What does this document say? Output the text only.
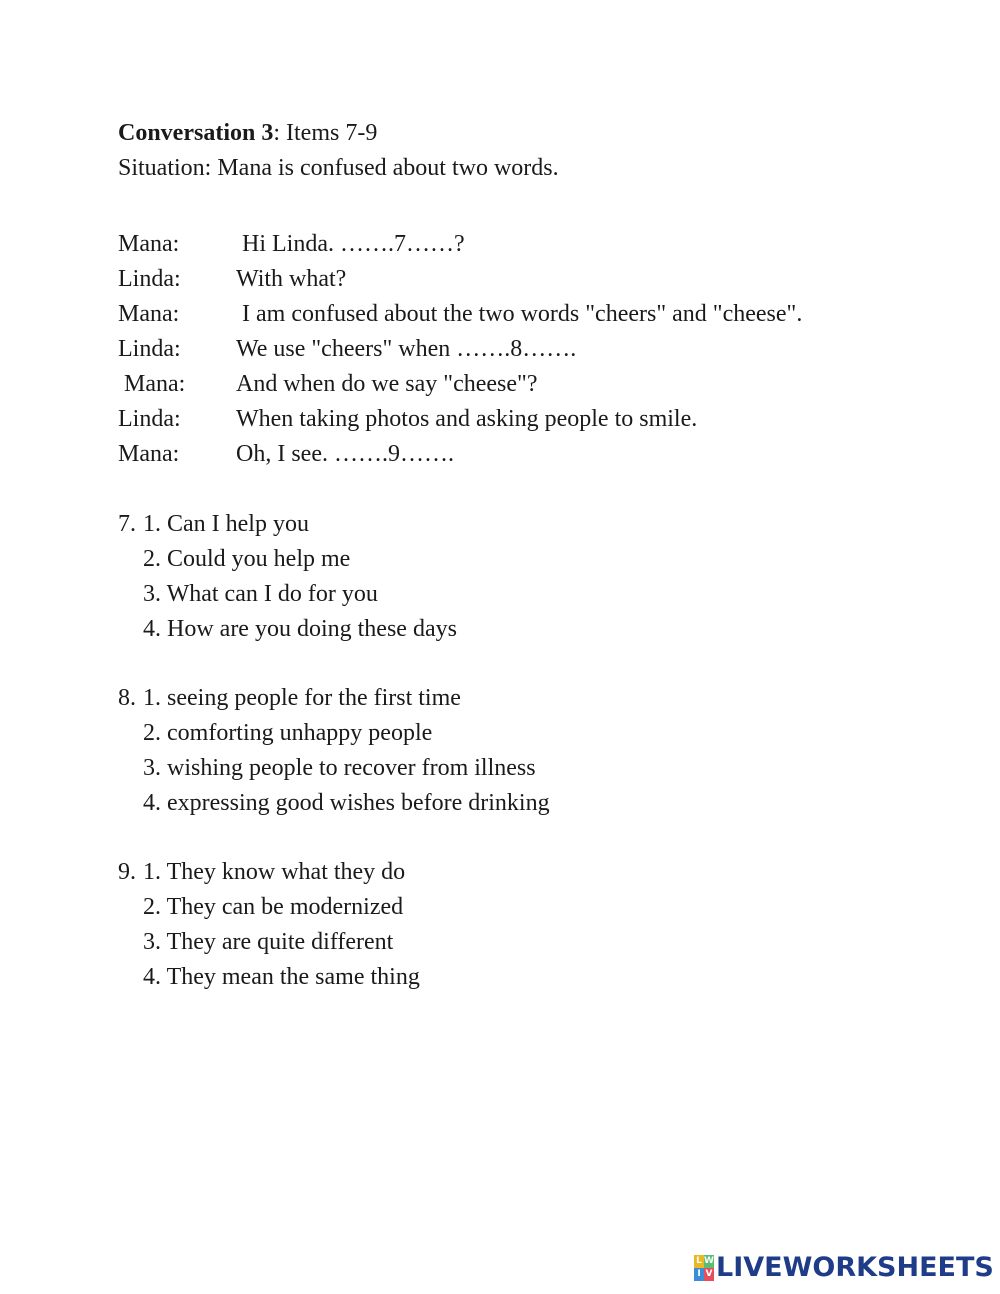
Conversation 3: Items 7-9
Situation: Mana is confused about two words.

Mana:

Hi Linda. …….7……?

Linda:

With what?

Mana:

I am confused about the two words "cheers" and "cheese".

Linda:

We use "cheers" when …….8…….

Mana:

And when do we say "cheese"?

Linda:

When taking photos and asking people to smile.

Mana:

Oh, I see. …….9…….

7. 1. Can I help you
2. Could you help me
3. What can I do for you
4. How are you doing these days
8. 1. seeing people for the first time
2. comforting unhappy people
3. wishing people to recover from illness
4. expressing good wishes before drinking
9. 1. They know what they do
2. They can be modernized
3. They are quite different
4. They mean the same thing
L W
I V LIVEWORKSHEETS
